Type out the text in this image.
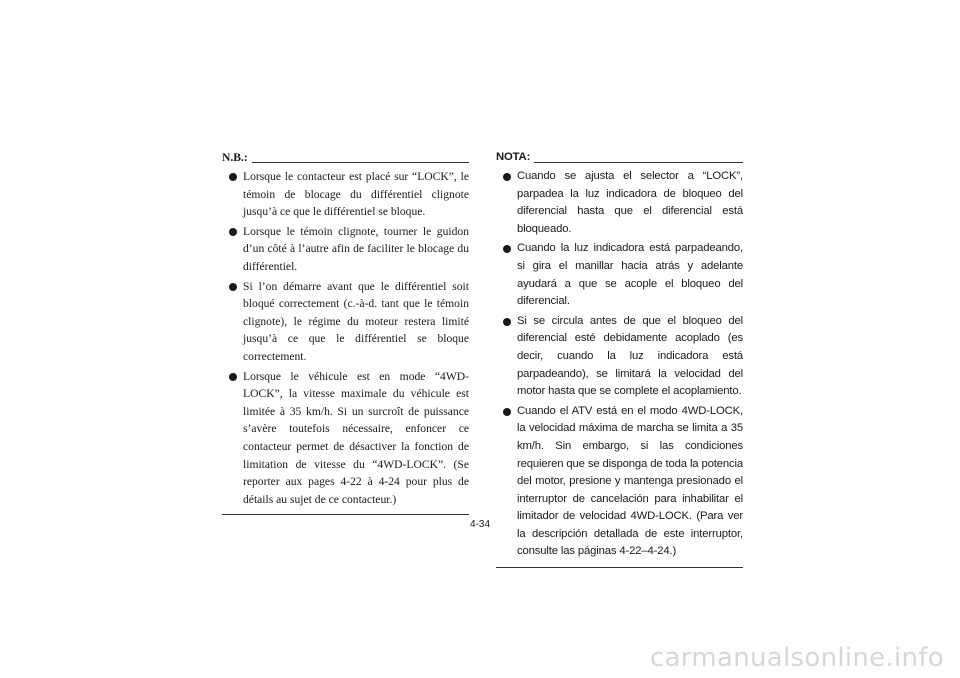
N.B.:
Lorsque le contacteur est placé sur “LOCK”, le témoin de blocage du différentiel clignote jusqu’à ce que le différentiel se bloque.
Lorsque le témoin clignote, tourner le guidon d’un côté à l’autre afin de faciliter le blocage du différentiel.
Si l’on démarre avant que le différentiel soit bloqué correctement (c.-à-d. tant que le témoin clignote), le régime du moteur restera limité jusqu’à ce que le différentiel se bloque correctement.
Lorsque le véhicule est en mode “4WD-LOCK”, la vitesse maximale du véhicule est limitée à 35 km/h. Si un surcroît de puissance s’avère toutefois nécessaire, enfoncer ce contacteur permet de désactiver la fonction de limitation de vitesse du “4WD-LOCK”. (Se reporter aux pages 4-22 à 4-24 pour plus de détails au sujet de ce contacteur.)
NOTA:
Cuando se ajusta el selector a “LOCK”, parpadea la luz indicadora de bloqueo del diferencial hasta que el diferencial está bloqueado.
Cuando la luz indicadora está parpadeando, si gira el manillar hacia atrás y adelante ayudará a que se acople el bloqueo del diferencial.
Si se circula antes de que el bloqueo del diferencial esté debidamente acoplado (es decir, cuando la luz indicadora está parpadeando), se limitará la velocidad del motor hasta que se complete el acoplamiento.
Cuando el ATV está en el modo 4WD-LOCK, la velocidad máxima de marcha se limita a 35 km/h. Sin embargo, si las condiciones requieren que se disponga de toda la potencia del motor, presione y mantenga presionado el interruptor de cancelación para inhabilitar el limitador de velocidad 4WD-LOCK. (Para ver la descripción detallada de este interruptor, consulte las páginas 4-22–4-24.)
4-34
carmanualsonline.info
